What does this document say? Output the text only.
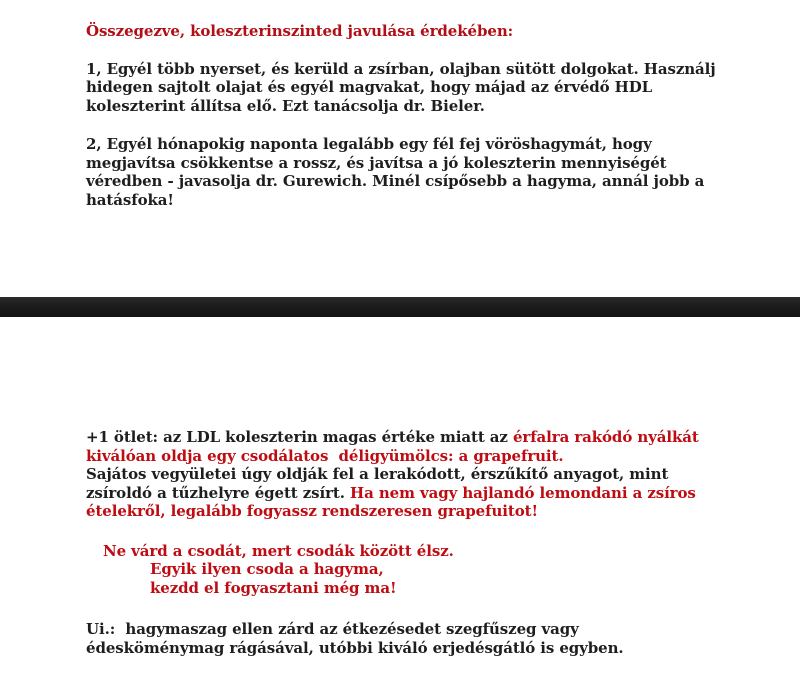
Összegezve, koleszterinszinted javulása érdekében:

1, Egyél több nyerset, és kerüld a zsírban, olajban sütött dolgokat. Használj hidegen sajtolt olajat és egyél magvakat, hogy májad az érvédő HDL koleszterint állítsa elő. Ezt tanácsolja dr. Bieler.

2, Egyél hónapokig naponta legalább egy fél fej vöröshagymát, hogy megjavítsa csökkentse a rossz, és javítsa a jó koleszterin mennyiségét véredben - javasolja dr. Gurewich. Minél csípősebb a hagyma, annál jobb a hatásfoka!

+1 ötlet: az LDL koleszterin magas értéke miatt az érfalra rakódó nyálkát kiválóan oldja egy csodálatos  déligyümölcs: a grapefruit.
Sajátos vegyületei úgy oldják fel a lerakódott, érszűkítő anyagot, mint zsíroldó a tűzhelyre égett zsírt. Ha nem vagy hajlandó lemondani a zsíros ételekről, legalább fogyassz rendszeresen grapefuitot!

Ne várd a csodát, mert csodák között élsz.
Egyik ilyen csoda a hagyma,
kezdd el fogyasztani még ma!

Ui.:  hagymaszag ellen zárd az étkezésedet szegfűszeg vagy édesköménymag rágásával, utóbbi kiváló erjedésgátló is egyben.
